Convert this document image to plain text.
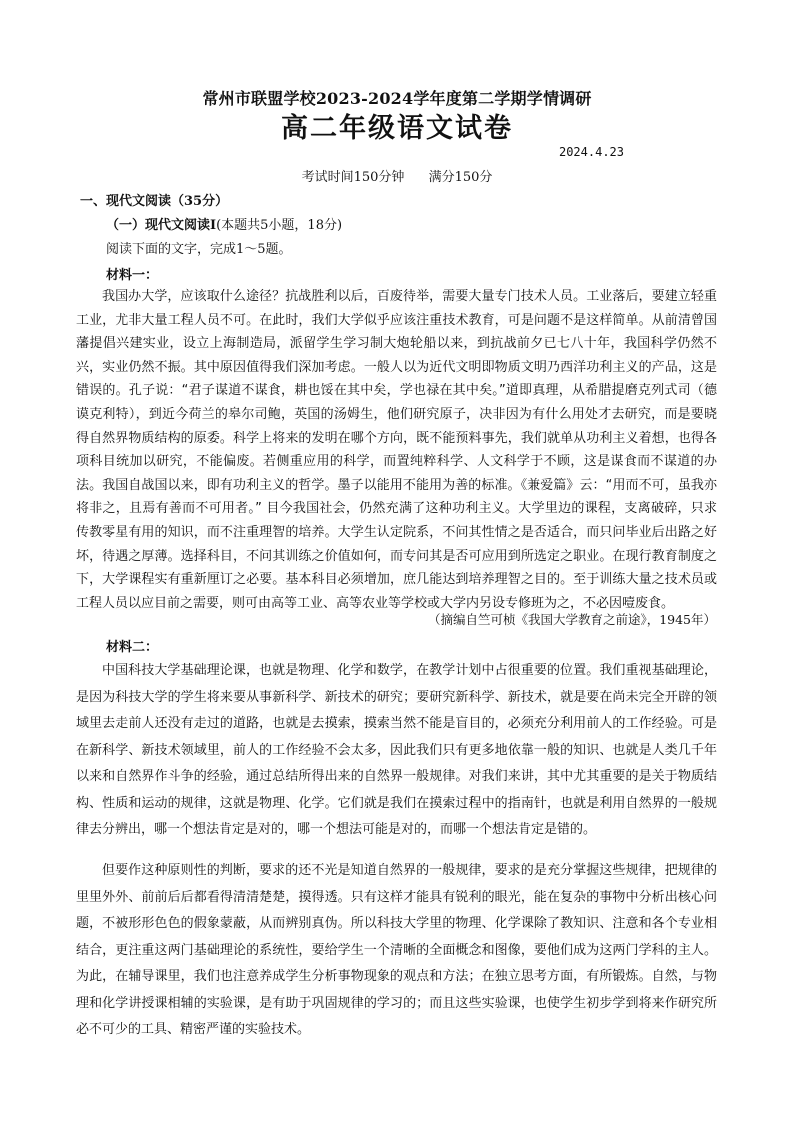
常州市联盟学校2023-2024学年度第二学期学情调研
高二年级语文试卷
2024.4.23
考试时间150分钟 满分150分
一、现代文阅读（35分）
（一）现代文阅读Ⅰ(本题共5小题，18分)
阅读下面的文字，完成1～5题。
材料一：

我国办大学，应该取什么途径？抗战胜利以后，百废待举，需要大量专门技术人员。工业落后，要建立轻重工业，尤非大量工程人员不可。在此时，我们大学似乎应该注重技术教育，可是问题不是这样简单。从前清曾国藩提倡兴建实业，设立上海制造局，派留学生学习制大炮轮船以来，到抗战前夕已七八十年，我国科学仍然不兴，实业仍然不振。其中原因值得我们深加考虑。一般人以为近代文明即物质文明乃西洋功利主义的产品，这是错误的。孔子说：“君子谋道不谋食，耕也馁在其中矣，学也禄在其中矣。”道即真理，从希腊提磨克列式司（德谟克利特），到近今荷兰的皋尔司鲍，英国的汤姆生，他们研究原子，决非因为有什么用处才去研究，而是要晓得自然界物质结构的原委。科学上将来的发明在哪个方向，既不能预料事先，我们就单从功利主义着想，也得各项科目统加以研究，不能偏废。若侧重应用的科学，而置纯粹科学、人文科学于不顾，这是谋食而不谋道的办法。我国自战国以来，即有功利主义的哲学。墨子以能用不能用为善的标准。《兼爱篇》云：“用而不可，虽我亦将非之，且焉有善而不可用者。” 目今我国社会，仍然充满了这种功利主义。大学里边的课程，支离破碎，只求传教零星有用的知识，而不注重理智的培养。大学生认定院系，不问其性情之是否适合，而只问毕业后出路之好坏，待遇之厚薄。选择科目，不问其训练之价值如何，而专问其是否可应用到所选定之职业。在现行教育制度之下，大学课程实有重新厘订之必要。基本科目必须增加，庶几能达到培养理智之目的。至于训练大量之技术员或工程人员以应目前之需要，则可由高等工业、高等农业等学校或大学内另设专修班为之，不必因噎废食。

（摘编自竺可桢《我国大学教育之前途》，1945年）
材料二：

中国科技大学基础理论课，也就是物理、化学和数学，在教学计划中占很重要的位置。我们重视基础理论，是因为科技大学的学生将来要从事新科学、新技术的研究；要研究新科学、新技术，就是要在尚未完全开辟的领域里去走前人还没有走过的道路，也就是去摸索，摸索当然不能是盲目的，必须充分利用前人的工作经验。可是在新科学、新技术领域里，前人的工作经验不会太多，因此我们只有更多地依靠一般的知识、也就是人类几千年以来和自然界作斗争的经验，通过总结所得出来的自然界一般规律。对我们来讲，其中尤其重要的是关于物质结构、性质和运动的规律，这就是物理、化学。它们就是我们在摸索过程中的指南针，也就是利用自然界的一般规律去分辨出，哪一个想法肯定是对的，哪一个想法可能是对的，而哪一个想法肯定是错的。

但要作这种原则性的判断，要求的还不光是知道自然界的一般规律，要求的是充分掌握这些规律，把规律的里里外外、前前后后都看得清清楚楚，摸得透。只有这样才能具有锐利的眼光，能在复杂的事物中分析出核心问题，不被形形色色的假象蒙蔽，从而辨别真伪。所以科技大学里的物理、化学课除了教知识、注意和各个专业相结合，更注重这两门基础理论的系统性，要给学生一个清晰的全面概念和图像，要他们成为这两门学科的主人。为此，在辅导课里，我们也注意养成学生分析事物现象的观点和方法；在独立思考方面，有所锻炼。自然，与物理和化学讲授课相辅的实验课，是有助于巩固规律的学习的；而且这些实验课，也使学生初步学到将来作研究所必不可少的工具、精密严谨的实验技术。
